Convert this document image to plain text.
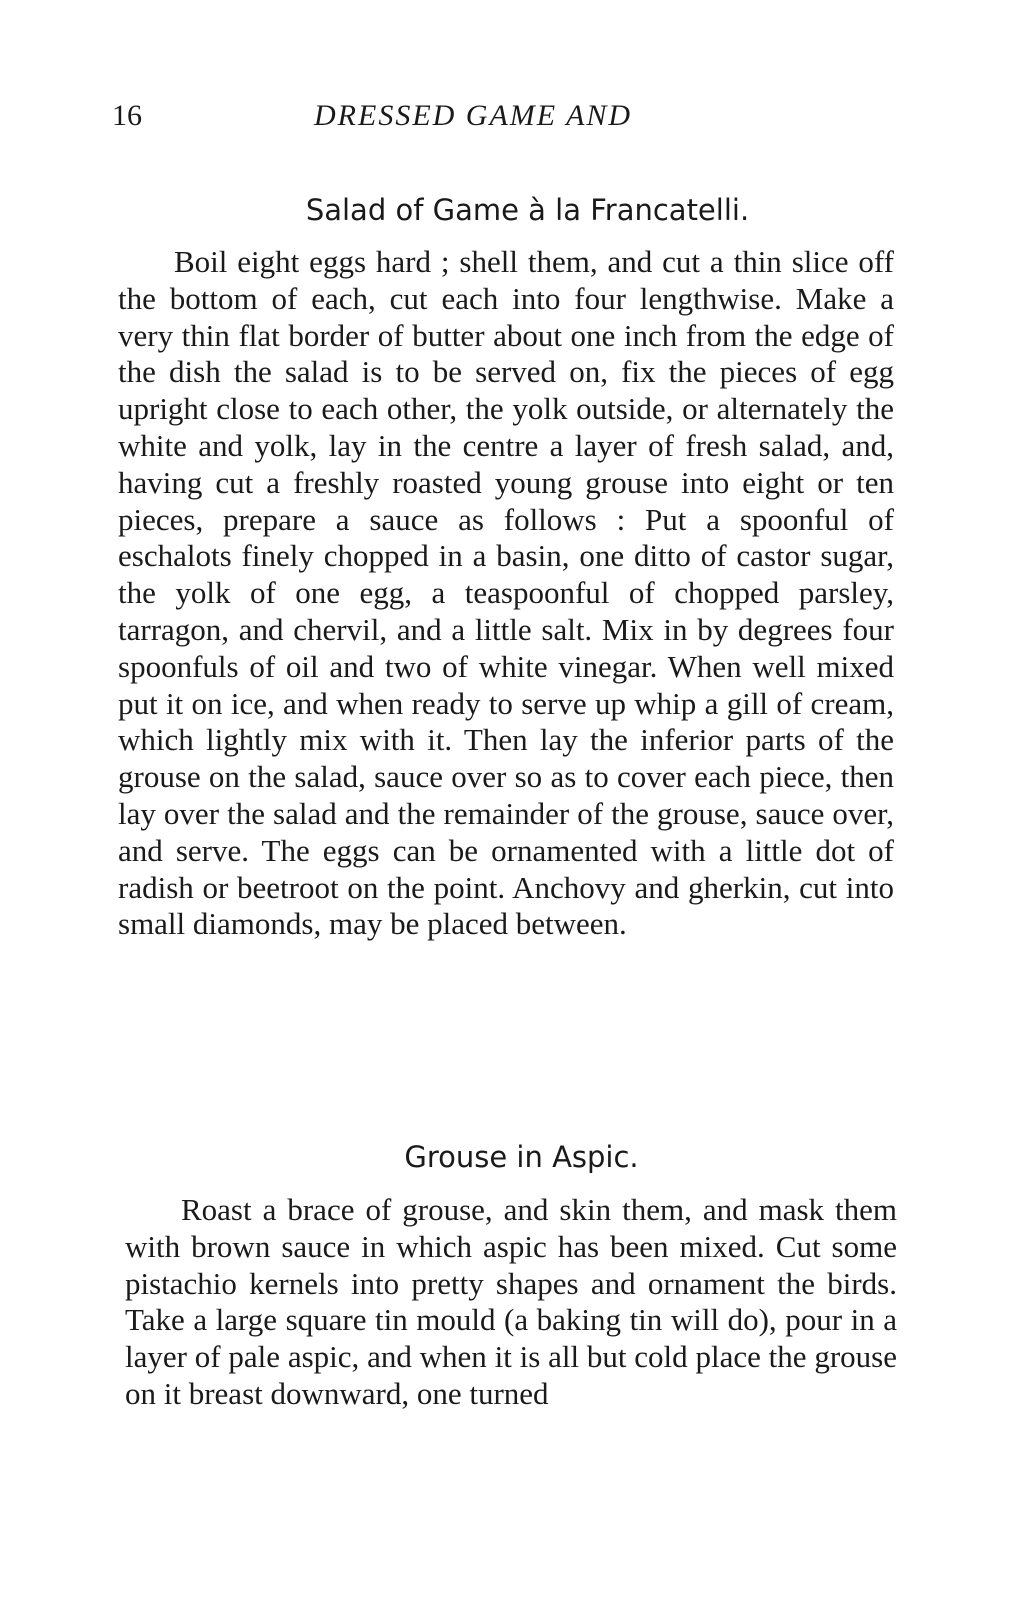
16	DRESSED GAME AND
Salad of Game à la Francatelli.

Boil eight eggs hard ; shell them, and cut a thin slice off the bottom of each, cut each into four lengthwise. Make a very thin flat border of butter about one inch from the edge of the dish the salad is to be served on, fix the pieces of egg upright close to each other, the yolk outside, or alternately the white and yolk, lay in the centre a layer of fresh salad, and, having cut a freshly roasted young grouse into eight or ten pieces, prepare a sauce as follows : Put a spoonful of eschalots finely chopped in a basin, one ditto of castor sugar, the yolk of one egg, a teaspoonful of chopped parsley, tarragon, and chervil, and a little salt. Mix in by degrees four spoonfuls of oil and two of white vinegar. When well mixed put it on ice, and when ready to serve up whip a gill of cream, which lightly mix with it. Then lay the inferior parts of the grouse on the salad, sauce over so as to cover each piece, then lay over the salad and the remainder of the grouse, sauce over, and serve. The eggs can be ornamented with a little dot of radish or beetroot on the point. Anchovy and gherkin, cut into small diamonds, may be placed between.

Grouse in Aspic.

Roast a brace of grouse, and skin them, and mask them with brown sauce in which aspic has been mixed. Cut some pistachio kernels into pretty shapes and ornament the birds. Take a large square tin mould (a baking tin will do), pour in a layer of pale aspic, and when it is all but cold place the grouse on it breast downward, one turned
